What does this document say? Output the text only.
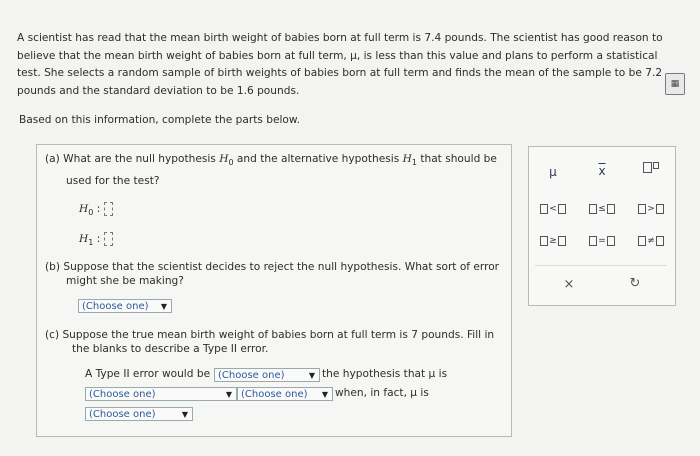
A scientist has read that the mean birth weight of babies born at full term is 7.4 pounds. The scientist has good reason to
believe that the mean birth weight of babies born at full term, μ, is less than this value and plans to perform a statistical
test. She selects a random sample of birth weights of babies born at full term and finds the mean of the sample to be 7.2
pounds and the standard deviation to be 1.6 pounds.
▦
Based on this information, complete the parts below.
(a) What are the null hypothesis $H_0$ and the alternative hypothesis $H_1$ that should be
used for the test?
$H_0$ :
$H_1$ :
(b) Suppose that the scientist decides to reject the null hypothesis. What sort of error
might she be making?
(Choose one) ▼
(c) Suppose the true mean birth weight of babies born at full term is 7 pounds. Fill in
the blanks to describe a Type II error.
A Type II error would be (Choose one)	▼ the hypothesis that μ is
(Choose one)	▼ (Choose one) ▼ when, in fact, μ is
(Choose one)	▼
μ	$\overline{x}$
<	≤	>
≥	=	≠
×	↻
